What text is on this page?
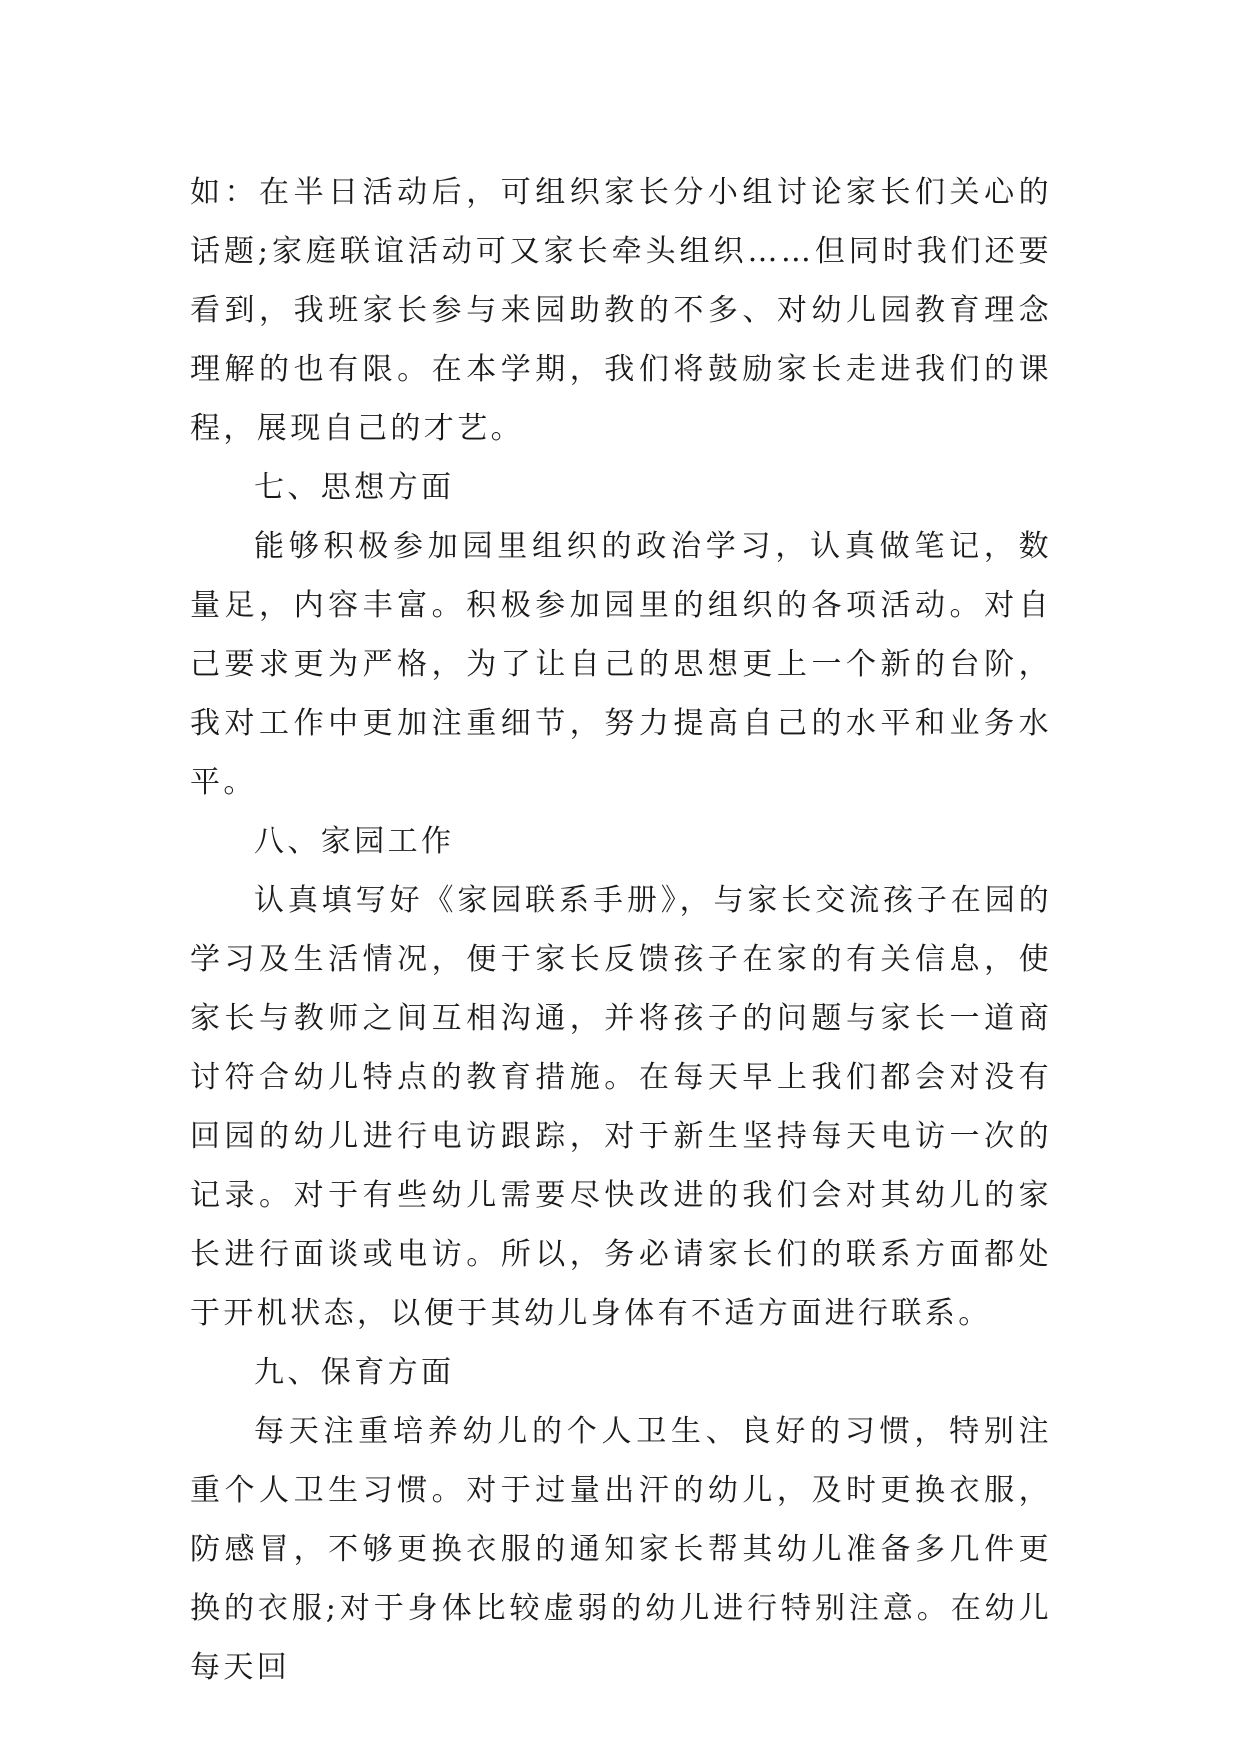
如：在半日活动后，可组织家长分小组讨论家长们关心的话题;家庭联谊活动可又家长牵头组织……但同时我们还要看到，我班家长参与来园助教的不多、对幼儿园教育理念理解的也有限。在本学期，我们将鼓励家长走进我们的课程，展现自己的才艺。

七、思想方面

能够积极参加园里组织的政治学习，认真做笔记，数量足，内容丰富。积极参加园里的组织的各项活动。对自己要求更为严格，为了让自己的思想更上一个新的台阶，我对工作中更加注重细节，努力提高自己的水平和业务水平。

八、家园工作

认真填写好《家园联系手册》，与家长交流孩子在园的学习及生活情况，便于家长反馈孩子在家的有关信息，使家长与教师之间互相沟通，并将孩子的问题与家长一道商讨符合幼儿特点的教育措施。在每天早上我们都会对没有回园的幼儿进行电访跟踪，对于新生坚持每天电访一次的记录。对于有些幼儿需要尽快改进的我们会对其幼儿的家长进行面谈或电访。所以，务必请家长们的联系方面都处于开机状态，以便于其幼儿身体有不适方面进行联系。

九、保育方面

每天注重培养幼儿的个人卫生、良好的习惯，特别注重个人卫生习惯。对于过量出汗的幼儿，及时更换衣服，防感冒，不够更换衣服的通知家长帮其幼儿准备多几件更换的衣服;对于身体比较虚弱的幼儿进行特别注意。在幼儿每天回
